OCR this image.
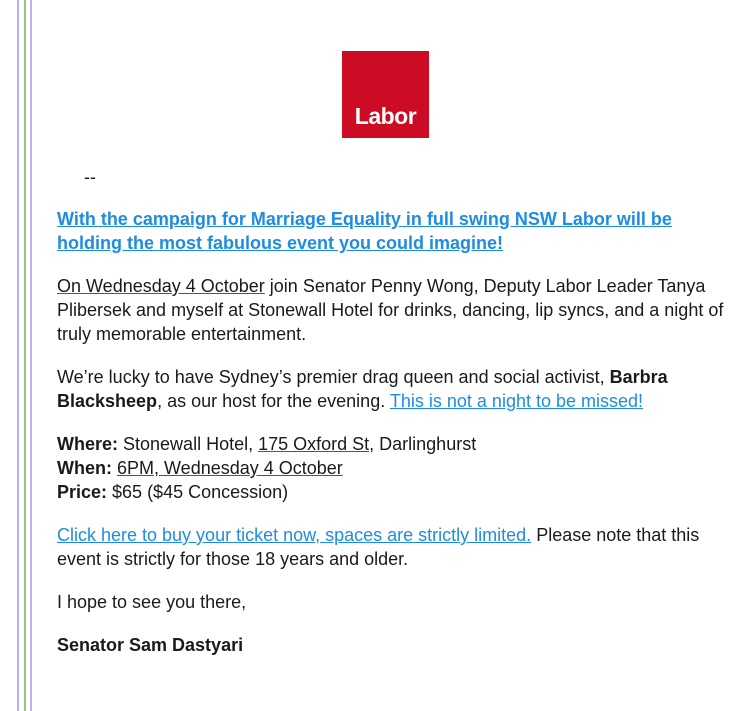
Labor
--

With the campaign for Marriage Equality in full swing NSW Labor will be holding the most fabulous event you could imagine!

On Wednesday 4 October join Senator Penny Wong, Deputy Labor Leader Tanya Plibersek and myself at Stonewall Hotel for drinks, dancing, lip syncs, and a night of truly memorable entertainment.

We’re lucky to have Sydney’s premier drag queen and social activist, Barbra Blacksheep, as our host for the evening. This is not a night to be missed!

Where: Stonewall Hotel, 175 Oxford St, Darlinghurst
When: 6PM, Wednesday 4 October
Price: $65 ($45 Concession)

Click here to buy your ticket now, spaces are strictly limited. Please note that this event is strictly for those 18 years and older.

I hope to see you there,

Senator Sam Dastyari
